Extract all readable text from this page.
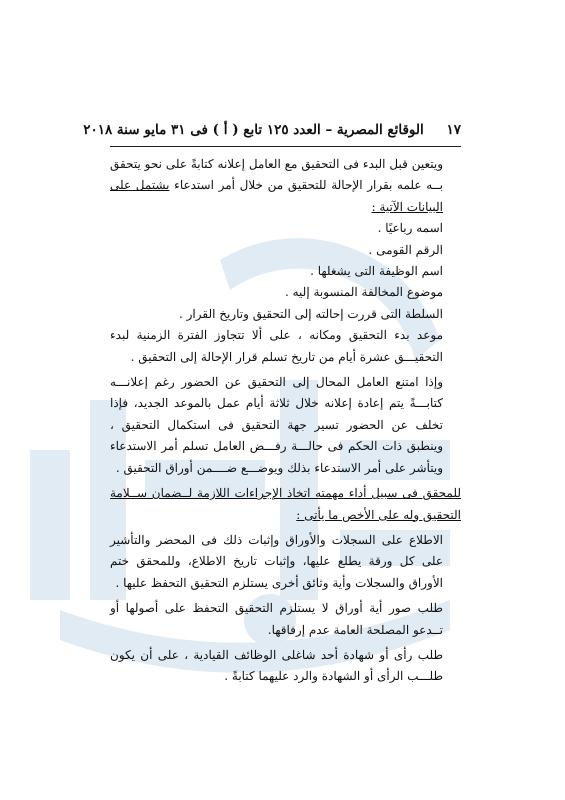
١٧ الوقائع المصرية – العدد ١٢٥ تابع ( أ ) فى ٣١ مايو سنة ٢٠١٨

ويتعين قبل البدء فى التحقيق مع العامل إعلانه كتابةً على نحو يتحقق بــه علمه بقرار الإحالة للتحقيق من خلال أمر استدعاء يشتمل على البيانات الآتية :

اسمه رباعيًا .

الرقم القومى .

اسم الوظيفة التى يشغلها .

موضوع المخالفة المنسوبة إليه .

السلطة التى قررت إحالته إلى التحقيق وتاريخ القرار .

موعد بدء التحقيق ومكانه ، على ألا تتجاوز الفترة الزمنية لبدء التحقيـــق عشرة أيام من تاريخ تسلم قرار الإحالة إلى التحقيق .

وإذا امتنع العامل المحال إلى التحقيق عن الحضور رغم إعلانـــه كتابـــةً يتم إعادة إعلانه خلال ثلاثة أيام عمل بالموعد الجديد، فإذا تخلف عن الحضور تسير جهة التحقيق فى استكمال التحقيق ، وينطبق ذات الحكم فى حالـــة رفـــض العامل تسلم أمر الاستدعاء ويتأشر على أمر الاستدعاء بذلك ويوضـــع ضــــمن أوراق التحقيق .

للمحقق فى سبيل أداء مهمته اتخاذ الإجراءات اللازمة لــضمان ســلامة التحقيق وله على الأخص ما يأتى :

الاطلاع على السجلات والأوراق وإثبات ذلك فى المحضر والتأشير على كل ورقة يطلع عليها، وإثبات تاريخ الاطلاع، وللمحقق ختم الأوراق والسجلات وأية وثائق أخرى يستلزم التحقيق التحفظ عليها .

طلب صور أية أوراق لا يستلزم التحقيق التحفظ على أصولها أو تــدعو المصلحة العامة عدم إرفاقها.

طلب رأى أو شهادة أحد شاغلى الوظائف القيادية ، على أن يكون طلـــب الرأى أو الشهادة والرد عليهما كتابةً .
